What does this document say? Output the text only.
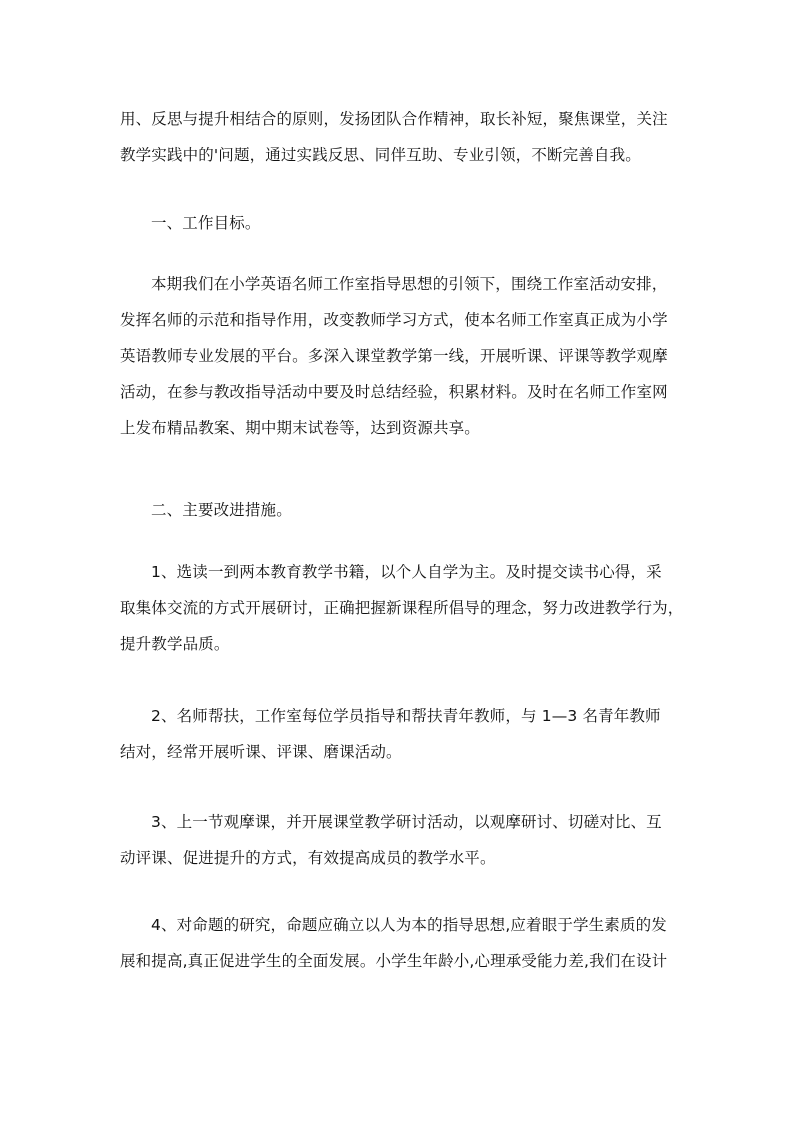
用、反思与提升相结合的原则，发扬团队合作精神，取长补短，聚焦课堂，关注
教学实践中的'问题，通过实践反思、同伴互助、专业引领，不断完善自我。

一、工作目标。

本期我们在小学英语名师工作室指导思想的引领下，围绕工作室活动安排，
发挥名师的示范和指导作用，改变教师学习方式，使本名师工作室真正成为小学
英语教师专业发展的平台。多深入课堂教学第一线，开展听课、评课等教学观摩
活动，在参与教改指导活动中要及时总结经验，积累材料。及时在名师工作室网
上发布精品教案、期中期末试卷等，达到资源共享。

二、主要改进措施。

1、选读一到两本教育教学书籍，以个人自学为主。及时提交读书心得，采
取集体交流的方式开展研讨，正确把握新课程所倡导的理念，努力改进教学行为，
提升教学品质。

2、名师帮扶，工作室每位学员指导和帮扶青年教师，与 1—3 名青年教师
结对，经常开展听课、评课、磨课活动。

3、上一节观摩课，并开展课堂教学研讨活动，以观摩研讨、切磋对比、互
动评课、促进提升的方式，有效提高成员的教学水平。

4、对命题的研究，命题应确立以人为本的指导思想,应着眼于学生素质的发
展和提高,真正促进学生的全面发展。小学生年龄小,心理承受能力差,我们在设计
